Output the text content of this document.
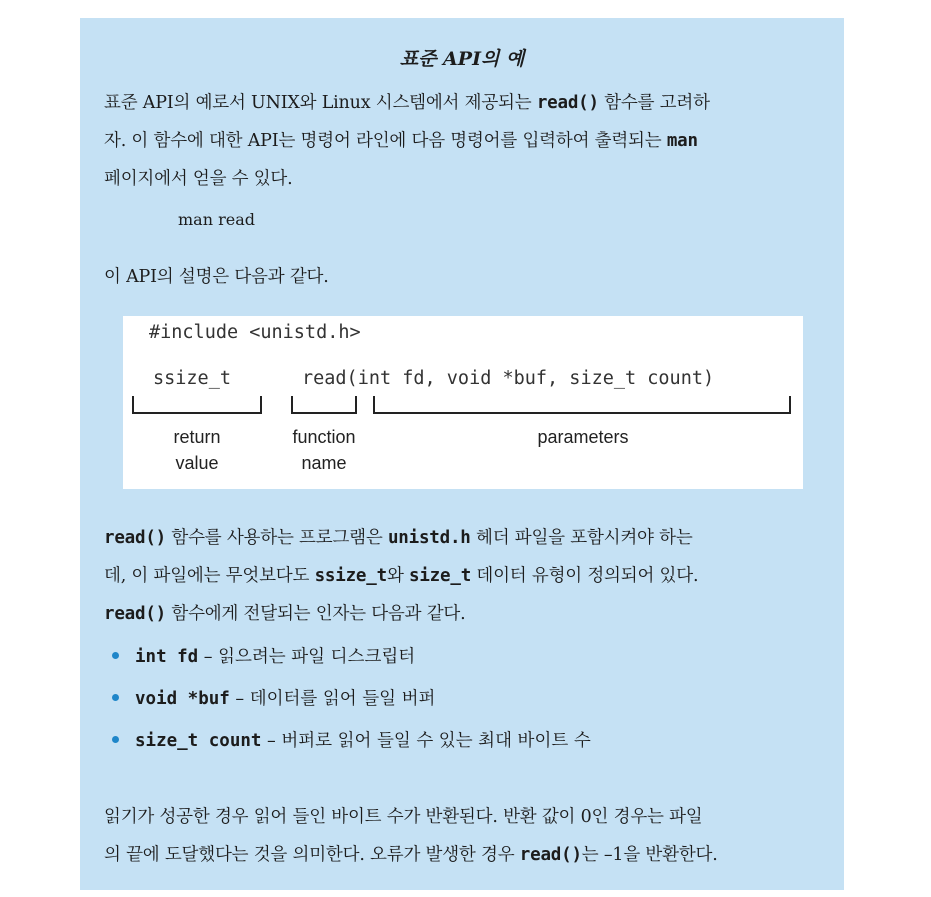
표준 API의 예
표준 API의 예로서 UNIX와 Linux 시스템에서 제공되는 read() 함수를 고려하
자. 이 함수에 대한 API는 명령어 라인에 다음 명령어를 입력하여 출력되는 man
페이지에서 얻을 수 있다.
man read
이 API의 설명은 다음과 같다.
#include <unistd.h>
ssize_t	read(int fd, void *buf, size_t count)
return
value
function
name
parameters
read() 함수를 사용하는 프로그램은 unistd.h 헤더 파일을 포함시켜야 하는
데, 이 파일에는 무엇보다도 ssize_t와 size_t 데이터 유형이 정의되어 있다.
read() 함수에게 전달되는 인자는 다음과 같다.
int fd – 읽으려는 파일 디스크립터
void *buf – 데이터를 읽어 들일 버퍼
size_t count – 버퍼로 읽어 들일 수 있는 최대 바이트 수
읽기가 성공한 경우 읽어 들인 바이트 수가 반환된다. 반환 값이 0인 경우는 파일
의 끝에 도달했다는 것을 의미한다. 오류가 발생한 경우 read()는 –1을 반환한다.
